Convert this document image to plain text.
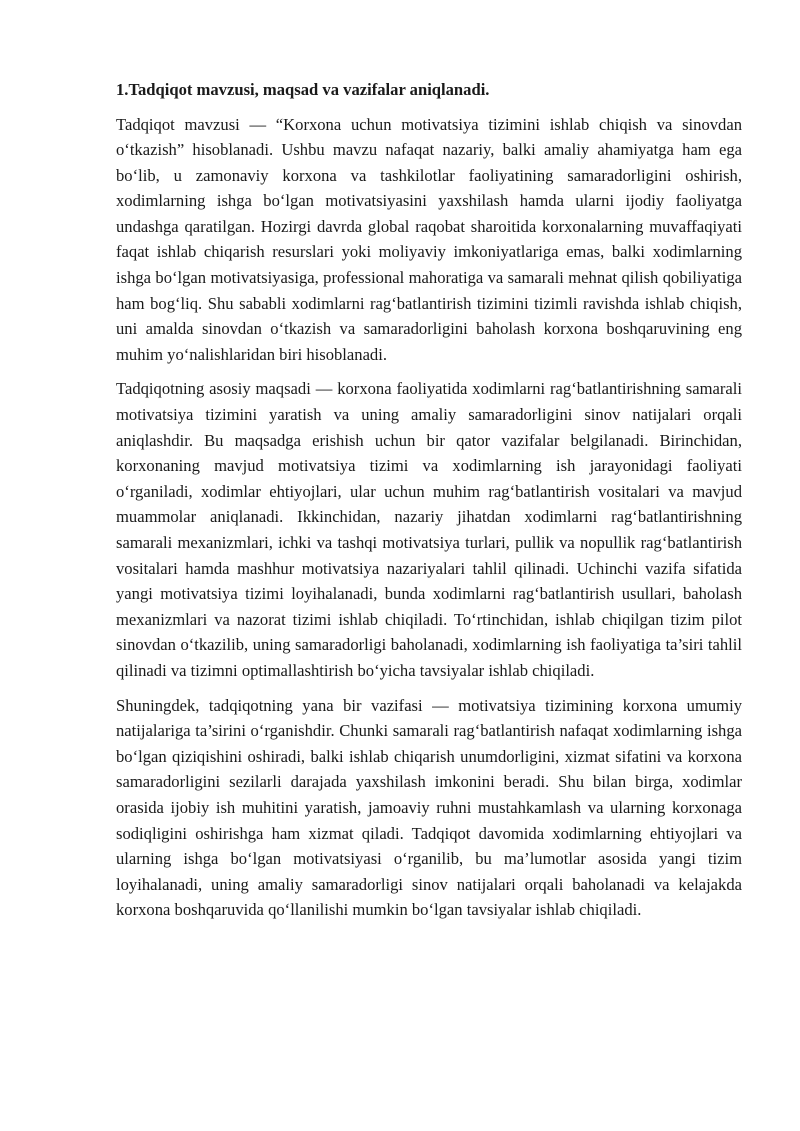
1.Tadqiqot mavzusi, maqsad va vazifalar aniqlanadi.

Tadqiqot mavzusi — “Korxona uchun motivatsiya tizimini ishlab chiqish va sinovdan o‘tkazish” hisoblanadi. Ushbu mavzu nafaqat nazariy, balki amaliy ahamiyatga ham ega bo‘lib, u zamonaviy korxona va tashkilotlar faoliyatining samaradorligini oshirish, xodimlarning ishga bo‘lgan motivatsiyasini yaxshilash hamda ularni ijodiy faoliyatga undashga qaratilgan. Hozirgi davrda global raqobat sharoitida korxonalarning muvaffaqiyati faqat ishlab chiqarish resurslari yoki moliyaviy imkoniyatlariga emas, balki xodimlarning ishga bo‘lgan motivatsiyasiga, professional mahoratiga va samarali mehnat qilish qobiliyatiga ham bog‘liq. Shu sababli xodimlarni rag‘batlantirish tizimini tizimli ravishda ishlab chiqish, uni amalda sinovdan o‘tkazish va samaradorligini baholash korxona boshqaruvining eng muhim yo‘nalishlaridan biri hisoblanadi.

Tadqiqotning asosiy maqsadi — korxona faoliyatida xodimlarni rag‘batlantirishning samarali motivatsiya tizimini yaratish va uning amaliy samaradorligini sinov natijalari orqali aniqlashdir. Bu maqsadga erishish uchun bir qator vazifalar belgilanadi. Birinchidan, korxonaning mavjud motivatsiya tizimi va xodimlarning ish jarayonidagi faoliyati o‘rganiladi, xodimlar ehtiyojlari, ular uchun muhim rag‘batlantirish vositalari va mavjud muammolar aniqlanadi. Ikkinchidan, nazariy jihatdan xodimlarni rag‘batlantirishning samarali mexanizmlari, ichki va tashqi motivatsiya turlari, pullik va nopullik rag‘batlantirish vositalari hamda mashhur motivatsiya nazariyalari tahlil qilinadi. Uchinchi vazifa sifatida yangi motivatsiya tizimi loyihalanadi, bunda xodimlarni rag‘batlantirish usullari, baholash mexanizmlari va nazorat tizimi ishlab chiqiladi. To‘rtinchidan, ishlab chiqilgan tizim pilot sinovdan o‘tkazilib, uning samaradorligi baholanadi, xodimlarning ish faoliyatiga ta’siri tahlil qilinadi va tizimni optimallashtirish bo‘yicha tavsiyalar ishlab chiqiladi.

Shuningdek, tadqiqotning yana bir vazifasi — motivatsiya tizimining korxona umumiy natijalariga ta’sirini o‘rganishdir. Chunki samarali rag‘batlantirish nafaqat xodimlarning ishga bo‘lgan qiziqishini oshiradi, balki ishlab chiqarish unumdorligini, xizmat sifatini va korxona samaradorligini sezilarli darajada yaxshilash imkonini beradi. Shu bilan birga, xodimlar orasida ijobiy ish muhitini yaratish, jamoaviy ruhni mustahkamlash va ularning korxonaga sodiqligini oshirishga ham xizmat qiladi. Tadqiqot davomida xodimlarning ehtiyojlari va ularning ishga bo‘lgan motivatsiyasi o‘rganilib, bu ma’lumotlar asosida yangi tizim loyihalanadi, uning amaliy samaradorligi sinov natijalari orqali baholanadi va kelajakda korxona boshqaruvida qo‘llanilishi mumkin bo‘lgan tavsiyalar ishlab chiqiladi.
